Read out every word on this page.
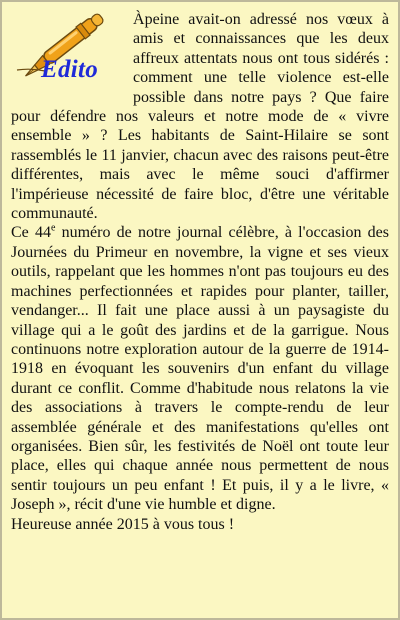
Edito

Àpeine avait-on adressé nos vœux à amis et connaissances que les deux affreux attentats nous ont tous sidérés : comment une telle violence est-elle possible dans notre pays ? Que faire pour défendre nos valeurs et notre mode de « vivre ensemble » ? Les habitants de Saint-Hilaire se sont rassemblés le 11 janvier, chacun avec des raisons peut-être différentes, mais avec le même souci d'affirmer l'impérieuse nécessité de faire bloc, d'être une véritable communauté.

Ce 44e numéro de notre journal célèbre, à l'occasion des Journées du Primeur en novembre, la vigne et ses vieux outils, rappelant que les hommes n'ont pas toujours eu des machines perfectionnées et rapides pour planter, tailler, vendanger... Il fait une place aussi à un paysagiste du village qui a le goût des jardins et de la garrigue. Nous continuons notre exploration autour de la guerre de 1914-1918 en évoquant les souvenirs d'un enfant du village durant ce conflit. Comme d'habitude nous relatons la vie des associations à travers le compte-rendu de leur assemblée générale et des manifestations qu'elles ont organisées. Bien sûr, les festivités de Noël ont toute leur place, elles qui chaque année nous permettent de nous sentir toujours un peu enfant ! Et puis, il y a le livre, « Joseph », récit d'une vie humble et digne.

Heureuse année 2015 à vous tous !
